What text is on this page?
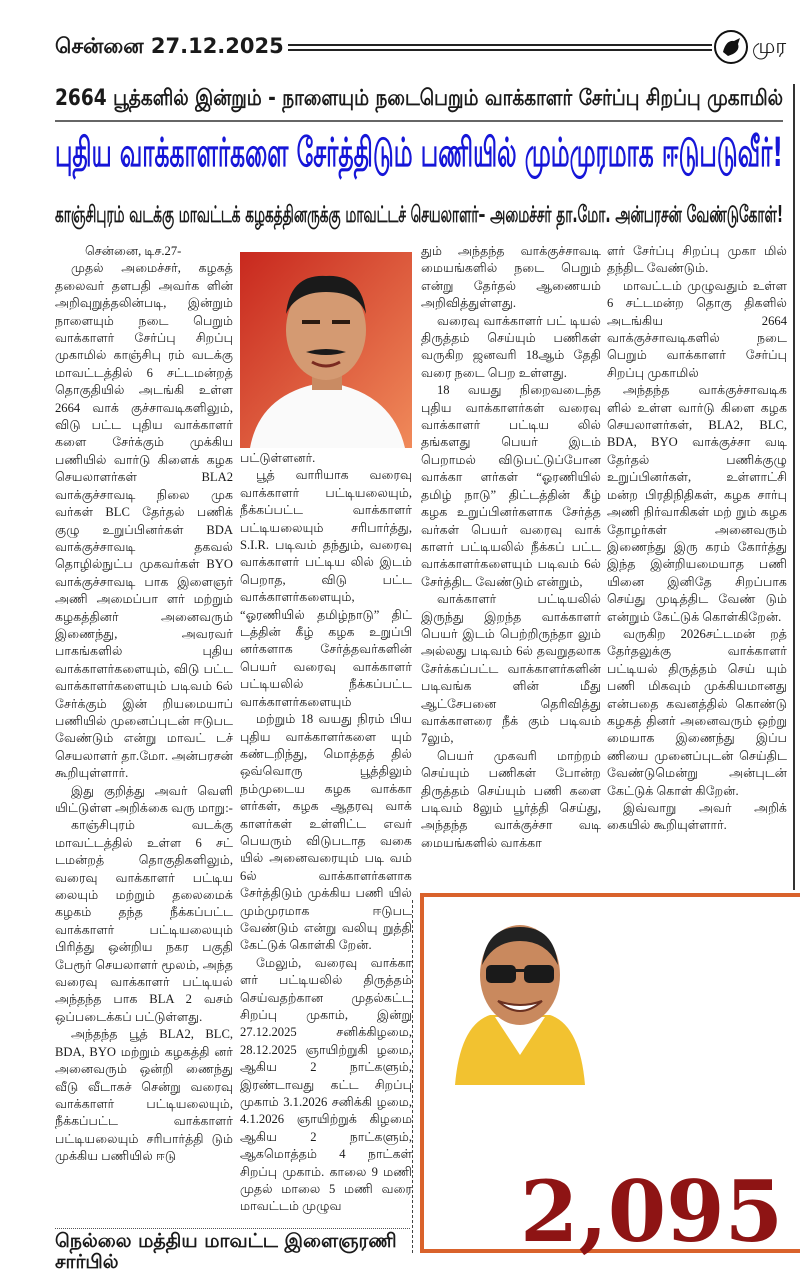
சென்னை 27.12.2025	முர
2664 பூத்களில் இன்றும் - நாளையும் நடைபெறும் வாக்காளர் சேர்ப்பு சிறப்பு முகாமில்
புதிய வாக்காளர்களை சேர்த்திடும் பணியில் மும்முரமாக ஈடுபடுவீர்!
காஞ்சிபுரம் வடக்கு மாவட்டக் கழகத்தினருக்கு மாவட்டச் செயலாளர்– அமைச்சர் தா.மோ. அன்பரசன் வேண்டுகோள்!

சென்னை, டிச.27-

முதல் அமைச்சர், கழகத் தலைவர் தளபதி அவர்க ளின் அறிவுறுத்தலின்படி, இன்றும் நாளையும் நடை பெறும் வாக்காளர் சேர்ப்பு சிறப்பு முகாமில் காஞ்சிபு ரம் வடக்கு மாவட்டத்தில் 6 சட்டமன்றத் தொகுதியில் அடங்கி உள்ள 2664 வாக் குச்சாவடிகளிலும், விடு பட்ட புதிய வாக்காளர் களை சேர்க்கும் முக்கிய பணியில் வார்டு கிளைக் கழக செயலாளர்கள் BLA2 வாக்குச்சாவடி நிலை முக வர்கள் BLC தேர்தல் பணிக் குழு உறுப்பினர்கள் BDA வாக்குச்சாவடி தகவல் தொழில்நுட்ப முகவர்கள் BYO வாக்குச்சாவடி பாக இளைஞர் அணி அமைப்பா ளர் மற்றும் கழகத்தினர் அனைவரும் இணைந்து, அவரவர் பாகங்களில் புதிய வாக்காளர்களையும், விடு பட்ட வாக்காளர்களையும் படிவம் 6ல் சேர்க்கும் இன் றியமையாப் பணியில் முனைப்புடன் ஈடுபட வேண்டும் என்று மாவட் டச் செயலாளர் தா.மோ. அன்பரசன் கூறியுள்ளார்.

இது குறித்து அவர் வெளி யிட்டுள்ள அறிக்கை வரு மாறு:-

காஞ்சிபுரம் வடக்கு மாவட்டத்தில் உள்ள 6 சட் டமன்றத் தொகுதிகளிலும், வரைவு வாக்காளர் பட்டிய லையும் மற்றும் தலைமைக் கழகம் தந்த நீக்கப்பட்ட வாக்காளர் பட்டியலையும் பிரித்து ஒன்றிய நகர பகுதி பேரூர் செயலாளர் மூலம், அந்த வரைவு வாக்காளர் பட்டியல் அந்தந்த பாக BLA 2 வசம் ஒப்படைக்கப் பட்டுள்ளது.

அந்தந்த பூத் BLA2, BLC, BDA, BYO மற்றும் கழகத்தி னர் அனைவரும் ஒன்றி ணைந்து வீடு வீடாகச் சென்று வரைவு வாக்காளர் பட்டியலையும், நீக்கப்பட்ட வாக்காளர் பட்டியலையும் சரிபார்த்தி டும் முக்கிய பணியில் ஈடு

பட்டுள்ளனர்.

பூத் வாரியாக வரைவு வாக்காளர் பட்டியலையும், நீக்கப்பட்ட வாக்காளர் பட்டியலையும் சரிபார்த்து, S.I.R. படிவம் தந்தும், வரைவு வாக்காளர் பட்டிய லில் இடம் பெறாத, விடு பட்ட வாக்காளர்களையும், “ஓரணியில் தமிழ்நாடு” திட் டத்தின் கீழ் கழக உறுப்பி னர்களாக சேர்த்தவர்களின் பெயர் வரைவு வாக்காளர் பட்டியலில் நீக்கப்பட்ட வாக்காளர்களையும்

மற்றும் 18 வயது நிரம் பிய புதிய வாக்காளர்களை யும் கண்டறிந்து, மொத்தத் தில் ஒவ்வொரு பூத்திலும் நம்முடைய கழக வாக்கா ளர்கள், கழக ஆதரவு வாக் காளர்கள் உள்ளிட்ட எவர் பெயரும் விடுபடாத வகை யில் அனைவரையும் படி வம் 6ல் வாக்காளர்களாக சேர்த்திடும் முக்கிய பணி யில் மும்முரமாக ஈடுபட வேண்டும் என்று வலியு றுத்தி கேட்டுக் கொள்கி றேன்.

மேலும், வரைவு வாக்கா ளர் பட்டியலில் திருத்தம் செய்வதற்கான முதல்கட்ட சிறப்பு முகாம், இன்று 27.12.2025 சனிக்கிழமை, 28.12.2025 ஞாயிற்றுகி ழமை, ஆகிய 2 நாட்களும், இரண்டாவது கட்ட சிறப்பு முகாம் 3.1.2026 சனிக்கி ழமை, 4.1.2026 ஞாயிற்றுக் கிழமை ஆகிய 2 நாட்களும், ஆகமொத்தம் 4 நாட்கள் சிறப்பு முகாம். காலை 9 மணி முதல் மாலை 5 மணி வரை மாவட்டம் முழுவ

தும் அந்தந்த வாக்குச்சாவடி மையங்களில் நடை பெறும் என்று தேர்தல் ஆணையம் அறிவித்துள்ளது.

வரைவு வாக்காளர் பட் டியல் திருத்தம் செய்யும் பணிகள் வருகிற ஜனவரி 18ஆம் தேதி வரை நடை பெற உள்ளது.

18 வயது நிறைவடைந்த புதிய வாக்காளர்கள் வரைவு வாக்காளர் பட்டிய லில் தங்களது பெயர் இடம் பெறாமல் விடுபட்டுப்போன வாக்கா ளர்கள் “ஓரணியில் தமிழ் நாடு” திட்டத்தின் கீழ் கழக உறுப்பினர்களாக சேர்த்த வர்கள் பெயர் வரைவு வாக் காளர் பட்டியலில் நீக்கப் பட்ட வாக்காளர்களையும் படிவம் 6ல் சேர்த்திட வேண்டும் என்றும்,

வாக்காளர் பட்டியலில் இருந்து இறந்த வாக்காளர் பெயர் இடம் பெற்றிருந்தா லும் அல்லது படிவம் 6ல் தவறுதலாக சேர்க்கப்பட்ட வாக்காளர்களின் படிவங்க ளின் மீது ஆட்சேபனை தெரிவித்து வாக்காளரை நீக் கும் படிவம் 7லும்,

பெயர் முகவரி மாற்றம் செய்யும் பணிகள் போன்ற திருத்தம் செய்யும் பணி களை படிவம் 8லும் பூர்த்தி செய்து, அந்தந்த வாக்குச்சா வடி மையங்களில் வாக்கா

ளர் சேர்ப்பு சிறப்பு முகா மில் தந்திட வேண்டும்.

மாவட்டம் முழுவதும் உள்ள 6 சட்டமன்ற தொகு திகளில் அடங்கிய 2664 வாக்குச்சாவடிகளில் நடை பெறும் வாக்காளர் சேர்ப்பு சிறப்பு முகாமில்

அந்தந்த வாக்குச்சாவடிக ளில் உள்ள வார்டு கிளை கழக செயலாளர்கள், BLA2, BLC, BDA, BYO வாக்குச்சா வடி தேர்தல் பணிக்குழு உறுப்பினர்கள், உள்ளாட்சி மன்ற பிரதிநிதிகள், கழக சார்பு அணி நிர்வாகிகள் மற் றும் கழக தோழர்கள் அனைவரும் இணைந்து இரு கரம் கோர்த்து இந்த இன்றியமையாத பணி யினை இனிதே சிறப்பாக செய்து முடித்திட வேண் டும் என்றும் கேட்டுக் கொள்கிறேன்.

வருகிற 2026சட்டமன் றத் தேர்தலுக்கு வாக்காளர் பட்டியல் திருத்தம் செய் யும் பணி மிகவும் முக்கியமானது என்பதை கவனத்தில் கொண்டு கழகத் தினர் அனைவரும் ஒற்று மையாக இணைந்து இப்ப ணியை முனைப்புடன் செய்திட வேண்டுமென்று அன்புடன் கேட்டுக் கொள் கிறேன்.

இவ்வாறு அவர் அறிக் கையில் கூறியுள்ளார்.

நெல்லை மத்திய மாவட்ட இளைஞரணி சார்பில்
2,095
